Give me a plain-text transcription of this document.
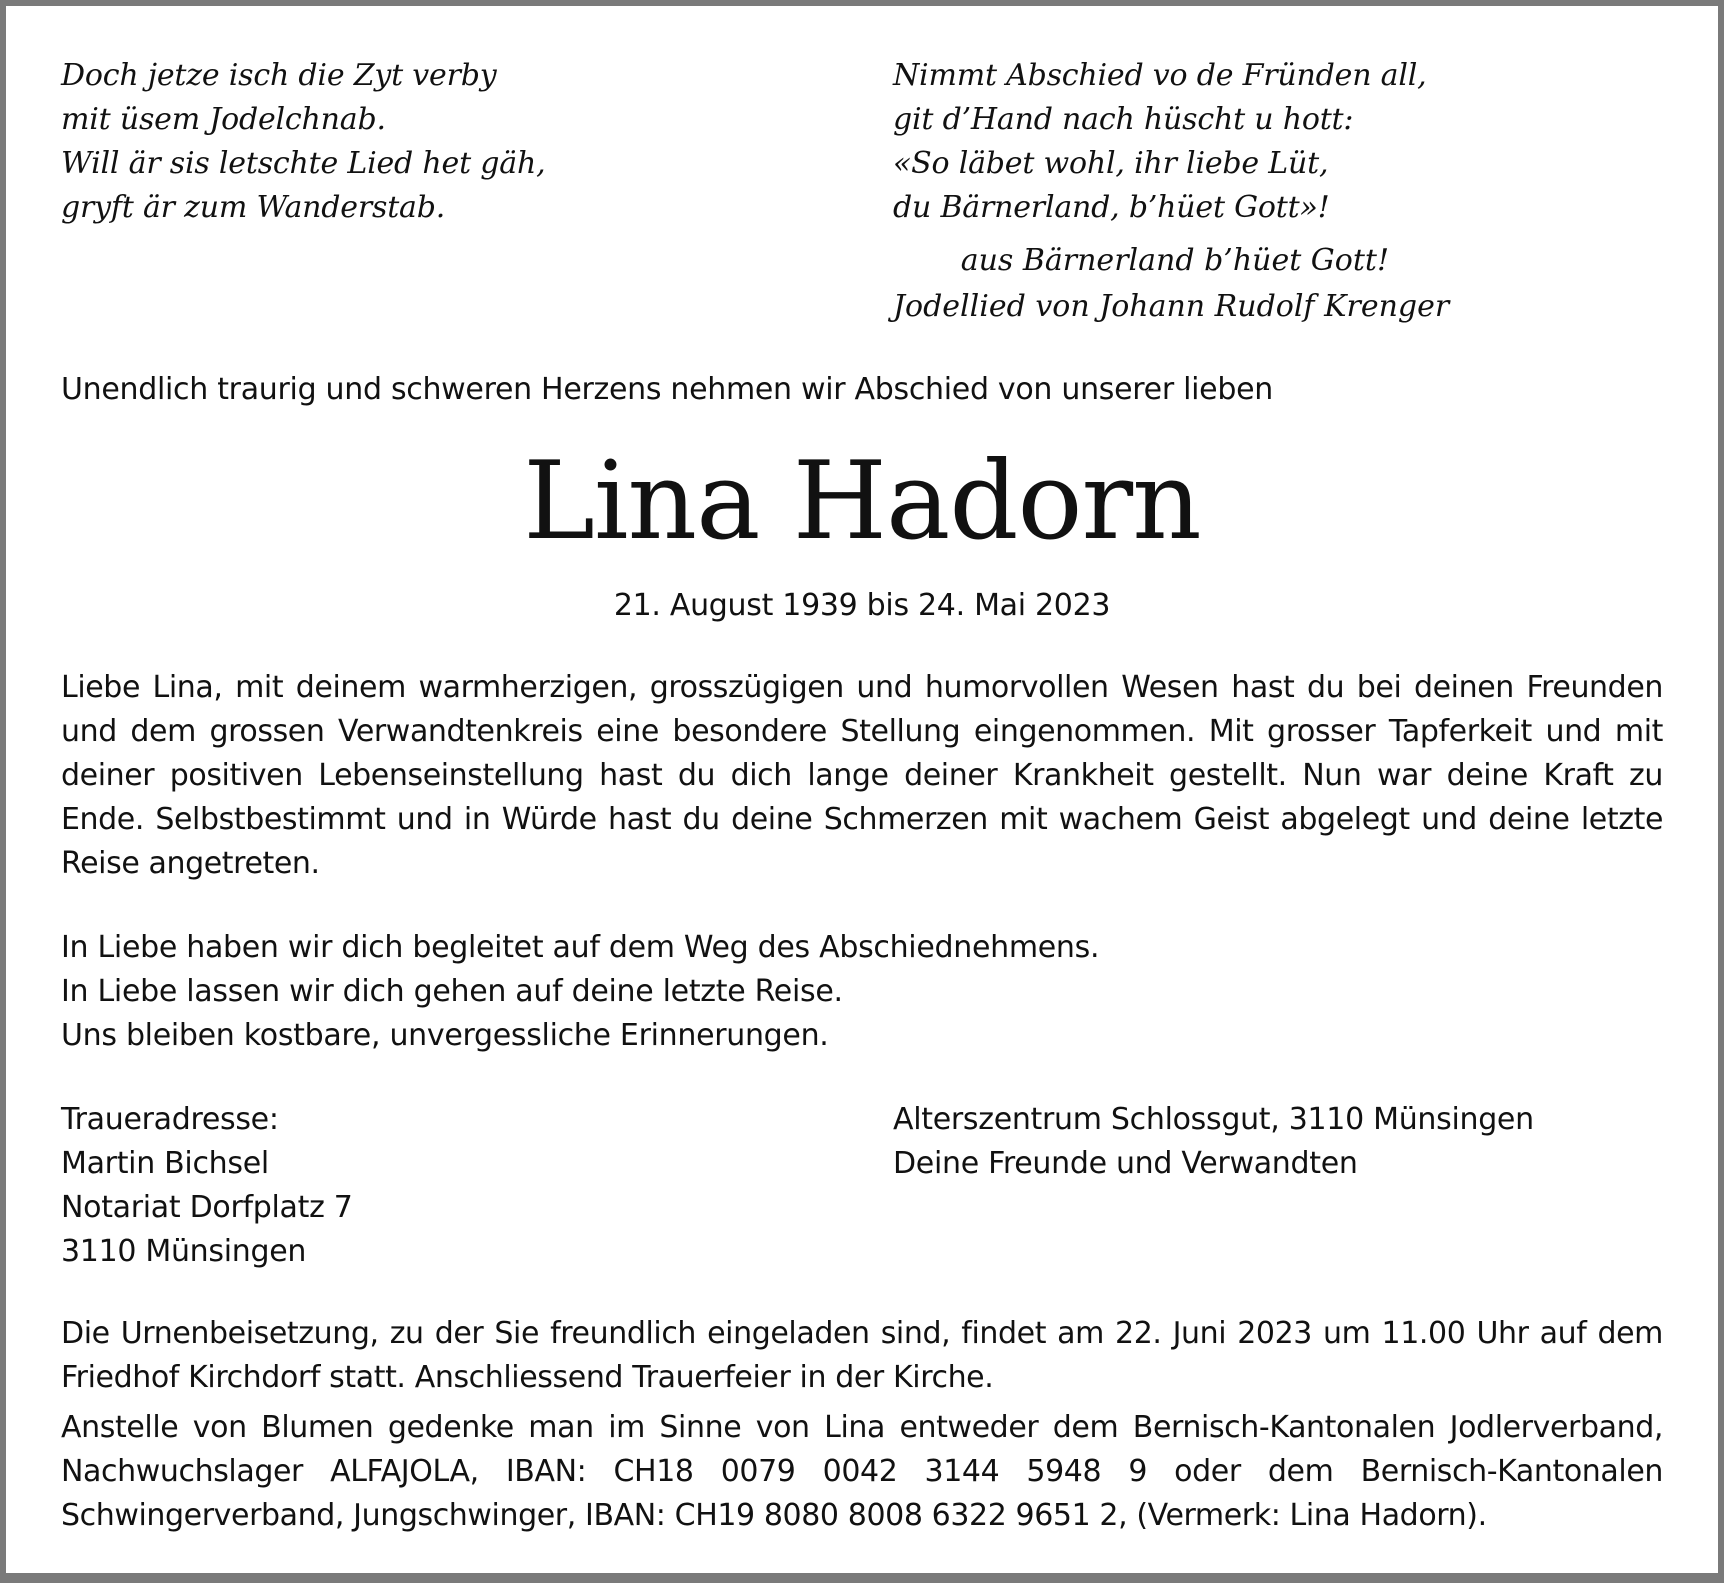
Doch jetze isch die Zyt verby
mit üsem Jodelchnab.
Will är sis letschte Lied het gäh,
gryft är zum Wanderstab.
Nimmt Abschied vo de Fründen all,
git d’Hand nach hüscht u hott:
«So läbet wohl, ihr liebe Lüt,
du Bärnerland, b’hüet Gott»!
aus Bärnerland b’hüet Gott!
Jodellied von Johann Rudolf Krenger
Unendlich traurig und schweren Herzens nehmen wir Abschied von unserer lieben
Lina Hadorn
21. August 1939 bis 24. Mai 2023
Liebe Lina, mit deinem warmherzigen, grosszügigen und humorvollen Wesen hast du bei deinen Freunden und dem grossen Verwandtenkreis eine besondere Stellung eingenommen. Mit grosser Tapferkeit und mit deiner positiven Lebenseinstellung hast du dich lange deiner Krankheit gestellt. Nun war deine Kraft zu Ende. Selbstbestimmt und in Würde hast du deine Schmerzen mit wachem Geist abgelegt und deine letzte Reise angetreten.
In Liebe haben wir dich begleitet auf dem Weg des Abschiednehmens.
In Liebe lassen wir dich gehen auf deine letzte Reise.
Uns bleiben kostbare, unvergessliche Erinnerungen.
Traueradresse:
Martin Bichsel
Notariat Dorfplatz 7
3110 Münsingen
Alterszentrum Schlossgut, 3110 Münsingen
Deine Freunde und Verwandten
Die Urnenbeisetzung, zu der Sie freundlich eingeladen sind, findet am 22. Juni 2023 um 11.00 Uhr auf dem Friedhof Kirchdorf statt. Anschliessend Trauerfeier in der Kirche.
Anstelle von Blumen gedenke man im Sinne von Lina entweder dem Bernisch-Kantonalen Jodlerverband, Nachwuchslager ALFAJOLA, IBAN: CH18 0079 0042 3144 5948 9 oder dem Bernisch-Kantonalen Schwingerverband, Jungschwinger, IBAN: CH19 8080 8008 6322 9651 2, (Vermerk: Lina Hadorn).
